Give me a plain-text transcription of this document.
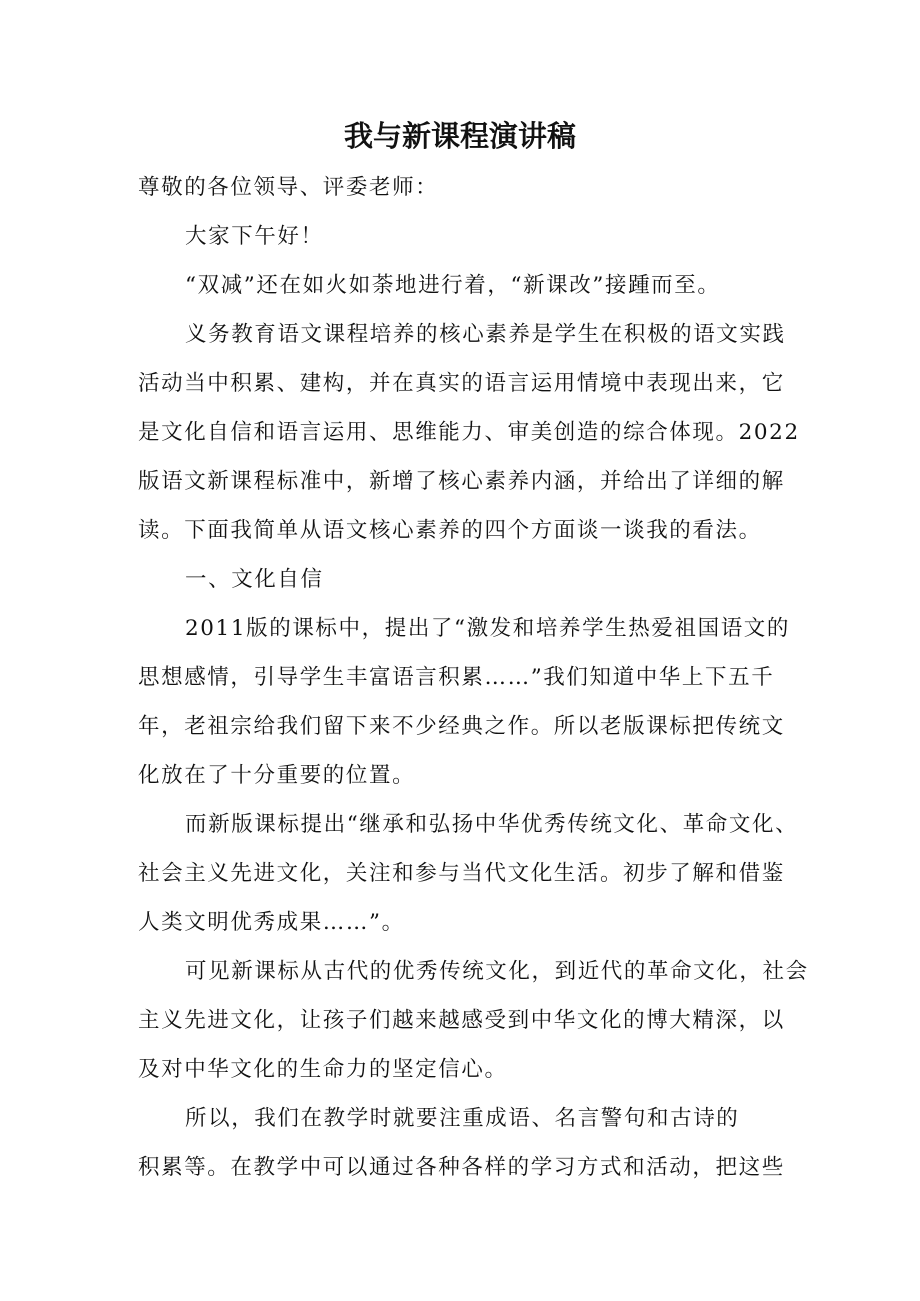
我与新课程演讲稿

尊敬的各位领导、评委老师：

大家下午好！

“双减”还在如火如荼地进行着，“新课改”接踵而至。

义务教育语文课程培养的核心素养是学生在积极的语文实践

活动当中积累、建构，并在真实的语言运用情境中表现出来，它

是文化自信和语言运用、思维能力、审美创造的综合体现。2022

版语文新课程标准中，新增了核心素养内涵，并给出了详细的解

读。下面我简单从语文核心素养的四个方面谈一谈我的看法。

一、文化自信

2011版的课标中，提出了“激发和培养学生热爱祖国语文的

思想感情，引导学生丰富语言积累……”我们知道中华上下五千

年，老祖宗给我们留下来不少经典之作。所以老版课标把传统文

化放在了十分重要的位置。

而新版课标提出“继承和弘扬中华优秀传统文化、革命文化、

社会主义先进文化，关注和参与当代文化生活。初步了解和借鉴

人类文明优秀成果……”。

可见新课标从古代的优秀传统文化，到近代的革命文化，社会

主义先进文化，让孩子们越来越感受到中华文化的博大精深，以

及对中华文化的生命力的坚定信心。

所以，我们在教学时就要注重成语、名言警句和古诗的

积累等。在教学中可以通过各种各样的学习方式和活动，把这些
